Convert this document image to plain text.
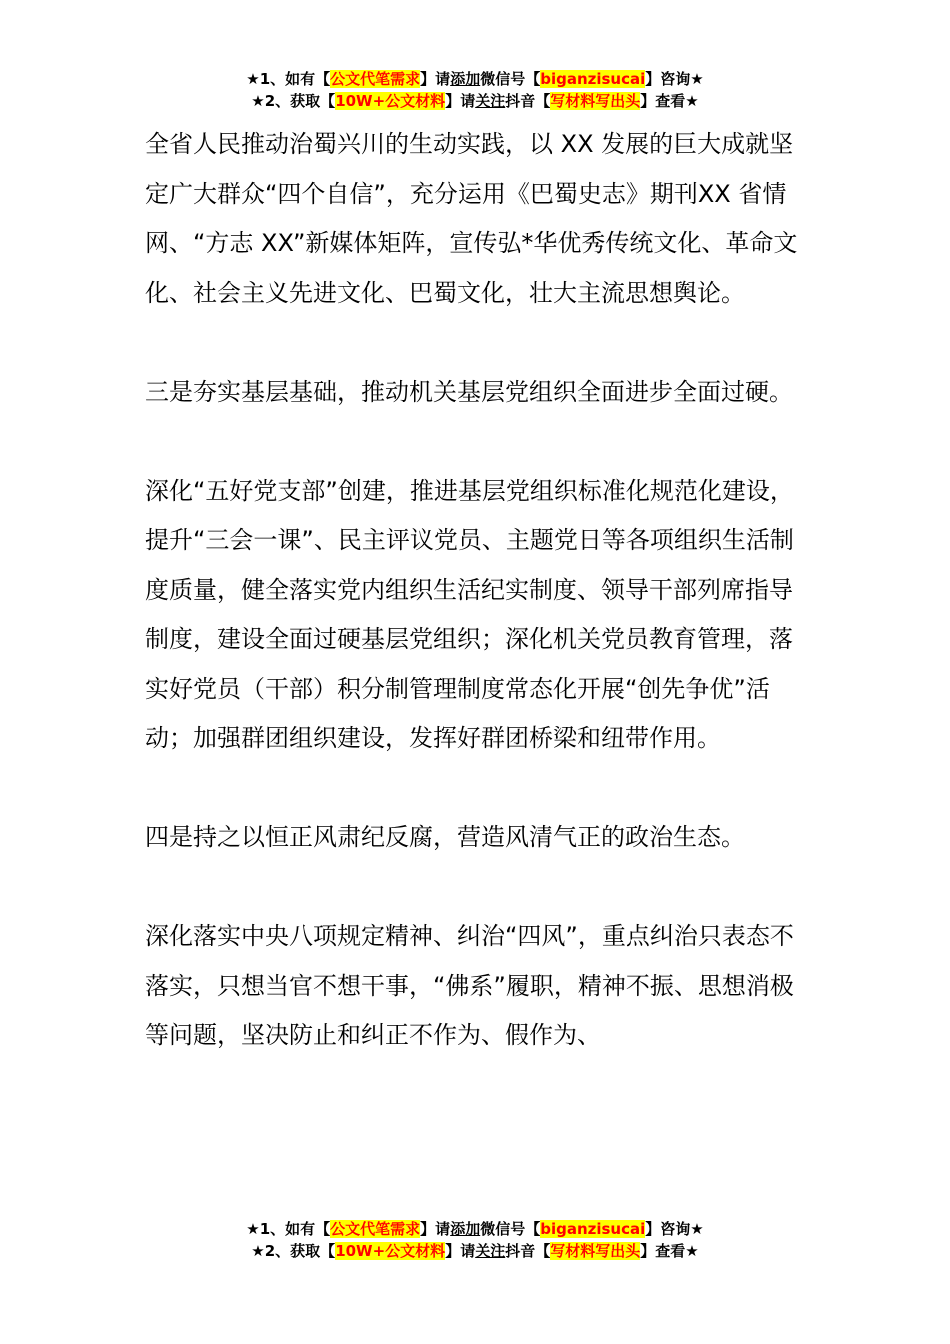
★1、如有【公文代笔需求】请添加微信号【biganzisucai】咨询★
★2、获取【10W+公文材料】请关注抖音【写材料写出头】查看★

全省人民推动治蜀兴川的生动实践，以 XX 发展的巨大成就坚定广大群众“四个自信”，充分运用《巴蜀史志》期刊XX 省情网、“方志 XX”新媒体矩阵，宣传弘*华优秀传统文化、革命文化、社会主义先进文化、巴蜀文化，壮大主流思想舆论。

三是夯实基层基础，推动机关基层党组织全面进步全面过硬。

深化“五好党支部”创建，推进基层党组织标准化规范化建设，提升“三会一课”、民主评议党员、主题党日等各项组织生活制度质量，健全落实党内组织生活纪实制度、领导干部列席指导制度，建设全面过硬基层党组织；深化机关党员教育管理，落实好党员（干部）积分制管理制度常态化开展“创先争优”活动；加强群团组织建设，发挥好群团桥梁和纽带作用。

四是持之以恒正风肃纪反腐，营造风清气正的政治生态。

深化落实中央八项规定精神、纠治“四风”，重点纠治只表态不落实，只想当官不想干事，“佛系”履职，精神不振、思想消极等问题，坚决防止和纠正不作为、假作为、

★1、如有【公文代笔需求】请添加微信号【biganzisucai】咨询★
★2、获取【10W+公文材料】请关注抖音【写材料写出头】查看★
